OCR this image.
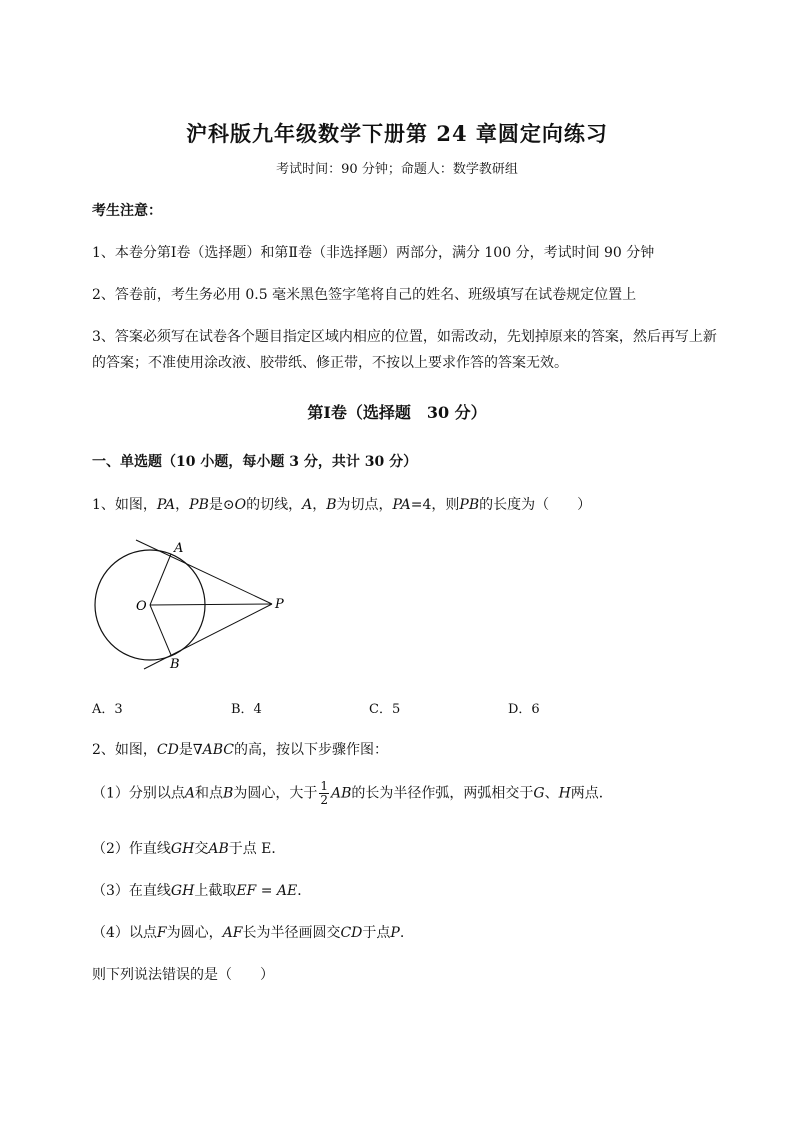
沪科版九年级数学下册第 24 章圆定向练习
考试时间：90 分钟；命题人：数学教研组
考生注意：
1、本卷分第Ⅰ卷（选择题）和第Ⅱ卷（非选择题）两部分，满分 100 分，考试时间 90 分钟
2、答卷前，考生务必用 0.5 毫米黑色签字笔将自己的姓名、班级填写在试卷规定位置上
3、答案必须写在试卷各个题目指定区域内相应的位置，如需改动，先划掉原来的答案，然后再写上新
的答案；不准使用涂改液、胶带纸、修正带，不按以上要求作答的答案无效。
第Ⅰ卷（选择题　30 分）
一、单选题（10 小题，每小题 3 分，共计 30 分）
1、如图，PA，PB是⊙O的切线，A，B为切点，PA=4，则PB的长度为（　　）
A
B
O	P
A．3	B．4	C．5	D．6
2、如图，CD是∇ABC的高，按以下步骤作图：
（1）分别以点A和点B为圆心，大于 $\frac{1}{2}$ AB的长为半径作弧，两弧相交于G、H两点．
（2）作直线GH交AB于点 E．
（3）在直线GH上截取EF = AE．
（4）以点F为圆心，AF长为半径画圆交CD于点P.
则下列说法错误的是（　　）
